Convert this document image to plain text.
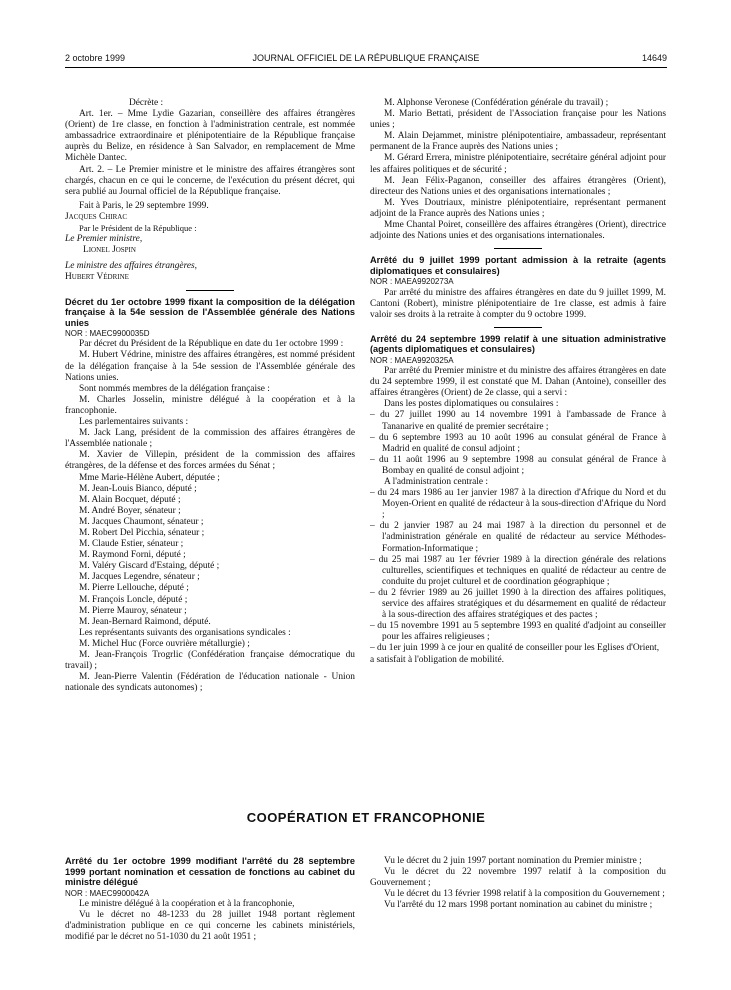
2 octobre 1999	JOURNAL OFFICIEL DE LA RÉPUBLIQUE FRANÇAISE	14649

Décrète :

Art. 1er. – Mme Lydie Gazarian, conseillère des affaires étrangères (Orient) de 1re classe, en fonction à l'administration centrale, est nommée ambassadrice extraordinaire et plénipotentiaire de la République française auprès du Belize, en résidence à San Salvador, en remplacement de Mme Michèle Dantec.

Art. 2. – Le Premier ministre et le ministre des affaires étrangères sont chargés, chacun en ce qui le concerne, de l'exécution du présent décret, qui sera publié au Journal officiel de la République française.

Fait à Paris, le 29 septembre 1999.

Jacques Chirac

Par le Président de la République :

Le Premier ministre,

Lionel Jospin

Le ministre des affaires étrangères,

Hubert Védrine

Décret du 1er octobre 1999 fixant la composition de la délégation française à la 54e session de l'Assemblée générale des Nations unies

NOR : MAEC9900035D

Par décret du Président de la République en date du 1er octobre 1999 :

M. Hubert Védrine, ministre des affaires étrangères, est nommé président de la délégation française à la 54e session de l'Assemblée générale des Nations unies.

Sont nommés membres de la délégation française :

M. Charles Josselin, ministre délégué à la coopération et à la francophonie.

Les parlementaires suivants :

M. Jack Lang, président de la commission des affaires étrangères de l'Assemblée nationale ;

M. Xavier de Villepin, président de la commission des affaires étrangères, de la défense et des forces armées du Sénat ;

Mme Marie-Hélène Aubert, députée ;

M. Jean-Louis Bianco, député ;

M. Alain Bocquet, député ;

M. André Boyer, sénateur ;

M. Jacques Chaumont, sénateur ;

M. Robert Del Picchia, sénateur ;

M. Claude Estier, sénateur ;

M. Raymond Forni, député ;

M. Valéry Giscard d'Estaing, député ;

M. Jacques Legendre, sénateur ;

M. Pierre Lellouche, député ;

M. François Loncle, député ;

M. Pierre Mauroy, sénateur ;

M. Jean-Bernard Raimond, député.

Les représentants suivants des organisations syndicales :

M. Michel Huc (Force ouvrière métallurgie) ;

M. Jean-François Trogrlic (Confédération française démocratique du travail) ;

M. Jean-Pierre Valentin (Fédération de l'éducation nationale - Union nationale des syndicats autonomes) ;

M. Alphonse Veronese (Confédération générale du travail) ;

M. Mario Bettati, président de l'Association française pour les Nations unies ;

M. Alain Dejammet, ministre plénipotentiaire, ambassadeur, représentant permanent de la France auprès des Nations unies ;

M. Gérard Errera, ministre plénipotentiaire, secrétaire général adjoint pour les affaires politiques et de sécurité ;

M. Jean Félix-Paganon, conseiller des affaires étrangères (Orient), directeur des Nations unies et des organisations internationales ;

M. Yves Doutriaux, ministre plénipotentiaire, représentant permanent adjoint de la France auprès des Nations unies ;

Mme Chantal Poiret, conseillère des affaires étrangères (Orient), directrice adjointe des Nations unies et des organisations internationales.

Arrêté du 9 juillet 1999 portant admission à la retraite (agents diplomatiques et consulaires)

NOR : MAEA9920273A

Par arrêté du ministre des affaires étrangères en date du 9 juillet 1999, M. Cantoni (Robert), ministre plénipotentiaire de 1re classe, est admis à faire valoir ses droits à la retraite à compter du 9 octobre 1999.

Arrêté du 24 septembre 1999 relatif à une situation administrative (agents diplomatiques et consulaires)

NOR : MAEA9920325A

Par arrêté du Premier ministre et du ministre des affaires étrangères en date du 24 septembre 1999, il est constaté que M. Dahan (Antoine), conseiller des affaires étrangères (Orient) de 2e classe, qui a servi :

Dans les postes diplomatiques ou consulaires :

– du 27 juillet 1990 au 14 novembre 1991 à l'ambassade de France à Tananarive en qualité de premier secrétaire ;

– du 6 septembre 1993 au 10 août 1996 au consulat général de France à Madrid en qualité de consul adjoint ;

– du 11 août 1996 au 9 septembre 1998 au consulat général de France à Bombay en qualité de consul adjoint ;

A l'administration centrale :

– du 24 mars 1986 au 1er janvier 1987 à la direction d'Afrique du Nord et du Moyen-Orient en qualité de rédacteur à la sous-direction d'Afrique du Nord ;

– du 2 janvier 1987 au 24 mai 1987 à la direction du personnel et de l'administration générale en qualité de rédacteur au service Méthodes-Formation-Informatique ;

– du 25 mai 1987 au 1er février 1989 à la direction générale des relations culturelles, scientifiques et techniques en qualité de rédacteur au centre de conduite du projet culturel et de coordination géographique ;

– du 2 février 1989 au 26 juillet 1990 à la direction des affaires politiques, service des affaires stratégiques et du désarmement en qualité de rédacteur à la sous-direction des affaires stratégiques et des pactes ;

– du 15 novembre 1991 au 5 septembre 1993 en qualité d'adjoint au conseiller pour les affaires religieuses ;

– du 1er juin 1999 à ce jour en qualité de conseiller pour les Eglises d'Orient,

a satisfait à l'obligation de mobilité.

COOPÉRATION ET FRANCOPHONIE

Arrêté du 1er octobre 1999 modifiant l'arrêté du 28 septembre 1999 portant nomination et cessation de fonctions au cabinet du ministre délégué

NOR : MAEC9900042A

Le ministre délégué à la coopération et à la francophonie,

Vu le décret no 48-1233 du 28 juillet 1948 portant règlement d'administration publique en ce qui concerne les cabinets ministériels, modifié par le décret no 51-1030 du 21 août 1951 ;

Vu le décret du 2 juin 1997 portant nomination du Premier ministre ;

Vu le décret du 22 novembre 1997 relatif à la composition du Gouvernement ;

Vu le décret du 13 février 1998 relatif à la composition du Gouvernement ;

Vu l'arrêté du 12 mars 1998 portant nomination au cabinet du ministre ;
